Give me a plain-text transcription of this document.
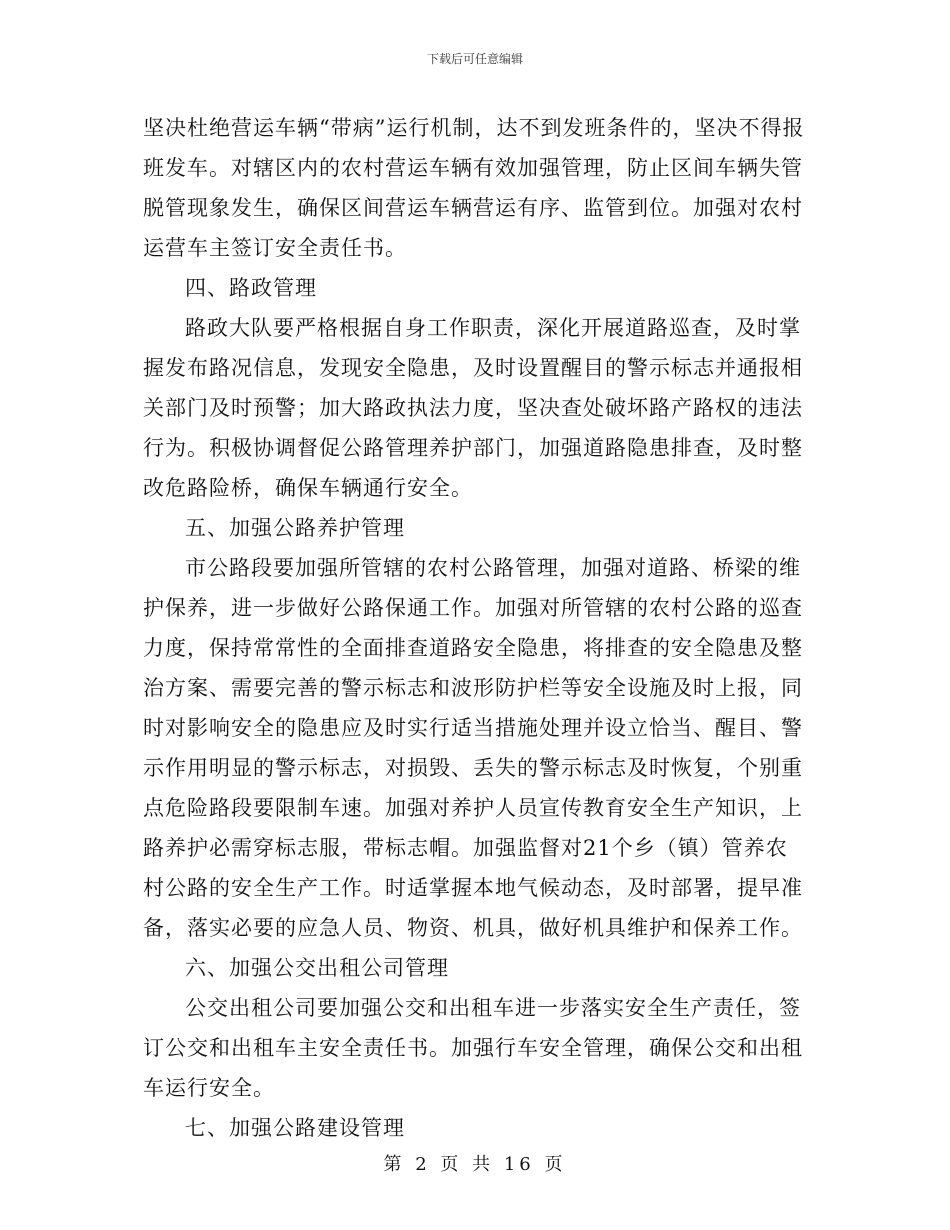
下载后可任意编辑

坚决杜绝营运车辆“带病”运行机制，达不到发班条件的，坚决不得报班发车。对辖区内的农村营运车辆有效加强管理，防止区间车辆失管脱管现象发生，确保区间营运车辆营运有序、监管到位。加强对农村运营车主签订安全责任书。

四、路政管理

路政大队要严格根据自身工作职责，深化开展道路巡查，及时掌握发布路况信息，发现安全隐患，及时设置醒目的警示标志并通报相关部门及时预警；加大路政执法力度，坚决查处破坏路产路权的违法行为。积极协调督促公路管理养护部门，加强道路隐患排查，及时整改危路险桥，确保车辆通行安全。

五、加强公路养护管理

市公路段要加强所管辖的农村公路管理，加强对道路、桥梁的维护保养，进一步做好公路保通工作。加强对所管辖的农村公路的巡查力度，保持常常性的全面排查道路安全隐患，将排查的安全隐患及整治方案、需要完善的警示标志和波形防护栏等安全设施及时上报，同时对影响安全的隐患应及时实行适当措施处理并设立恰当、醒目、警示作用明显的警示标志，对损毁、丢失的警示标志及时恢复，个别重点危险路段要限制车速。加强对养护人员宣传教育安全生产知识，上路养护必需穿标志服，带标志帽。加强监督对21个乡（镇）管养农村公路的安全生产工作。时适掌握本地气候动态，及时部署，提早准备，落实必要的应急人员、物资、机具，做好机具维护和保养工作。

六、加强公交出租公司管理

公交出租公司要加强公交和出租车进一步落实安全生产责任，签订公交和出租车主安全责任书。加强行车安全管理，确保公交和出租车运行安全。

七、加强公路建设管理

第 2 页 共 16 页
